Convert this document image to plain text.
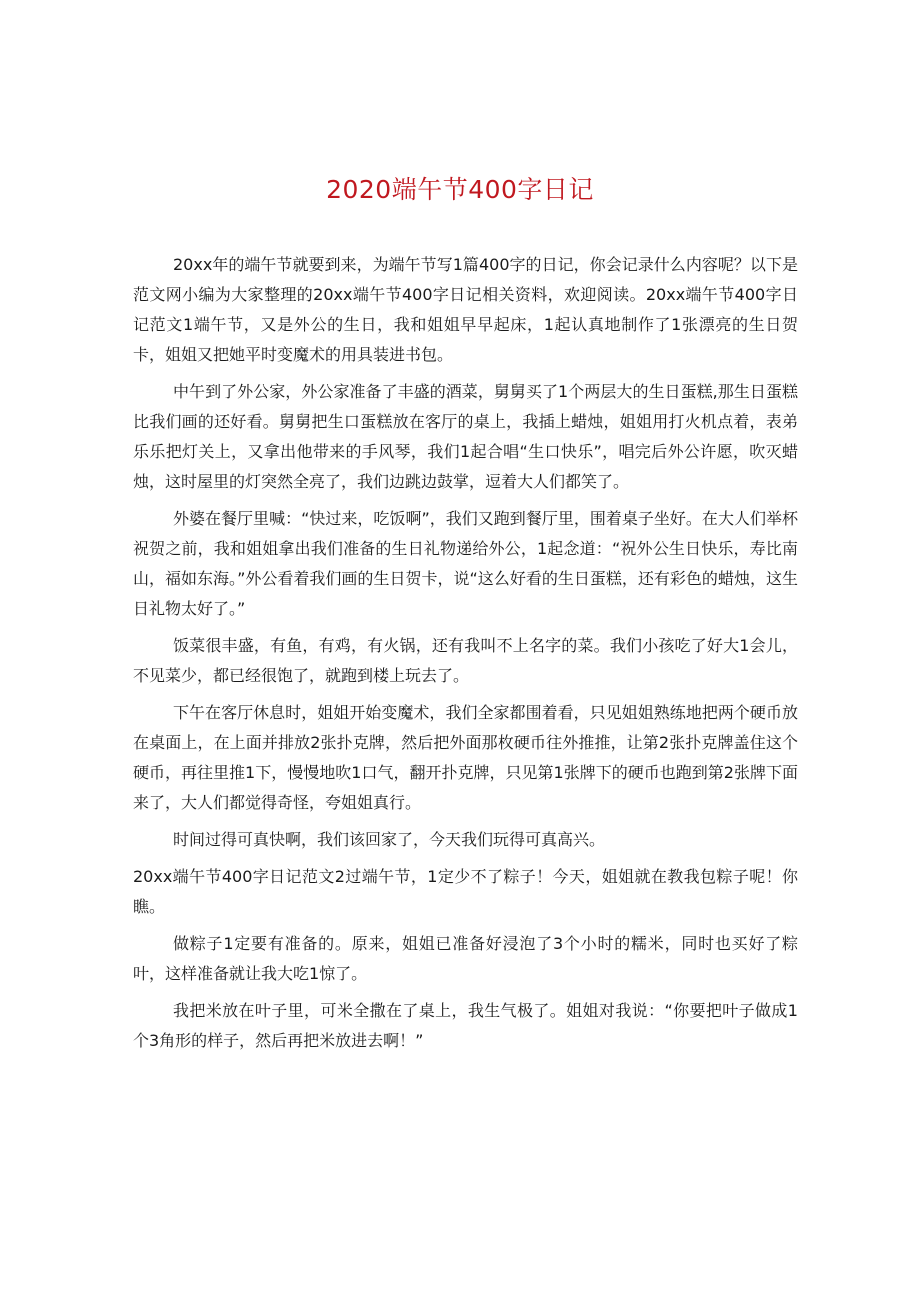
2020端午节400字日记

20xx年的端午节就要到来，为端午节写1篇400字的日记，你会记录什么内容呢？以下是范文网小编为大家整理的20xx端午节400字日记相关资料，欢迎阅读。20xx端午节400字日记范文1端午节，又是外公的生日，我和姐姐早早起床，1起认真地制作了1张漂亮的生日贺卡，姐姐又把她平时变魔术的用具装进书包。

中午到了外公家，外公家准备了丰盛的酒菜，舅舅买了1个两层大的生日蛋糕,那生日蛋糕比我们画的还好看。舅舅把生口蛋糕放在客厅的桌上，我插上蜡烛，姐姐用打火机点着，表弟乐乐把灯关上，又拿出他带来的手风琴，我们1起合唱“生口快乐”，唱完后外公许愿，吹灭蜡烛，这时屋里的灯突然全亮了，我们边跳边鼓掌，逗着大人们都笑了。

外婆在餐厅里喊：“快过来，吃饭啊”，我们又跑到餐厅里，围着桌子坐好。在大人们举杯祝贺之前，我和姐姐拿出我们准备的生日礼物递给外公，1起念道：“祝外公生日快乐，寿比南山，福如东海。”外公看着我们画的生日贺卡，说“这么好看的生日蛋糕，还有彩色的蜡烛，这生日礼物太好了。”

饭菜很丰盛，有鱼，有鸡，有火锅，还有我叫不上名字的菜。我们小孩吃了好大1会儿，不见菜少，都已经很饱了，就跑到楼上玩去了。

下午在客厅休息时，姐姐开始变魔术，我们全家都围着看，只见姐姐熟练地把两个硬币放在桌面上，在上面并排放2张扑克牌，然后把外面那枚硬币往外推推，让第2张扑克牌盖住这个硬币，再往里推1下，慢慢地吹1口气，翻开扑克牌，只见第1张牌下的硬币也跑到第2张牌下面来了，大人们都觉得奇怪，夸姐姐真行。

时间过得可真快啊，我们该回家了，今天我们玩得可真高兴。

20xx端午节400字日记范文2过端午节，1定少不了粽子！今天，姐姐就在教我包粽子呢！你瞧。

做粽子1定要有准备的。原来，姐姐已准备好浸泡了3个小时的糯米，同时也买好了粽叶，这样准备就让我大吃1惊了。

我把米放在叶子里，可米全撒在了桌上，我生气极了。姐姐对我说：“你要把叶子做成1个3角形的样子，然后再把米放进去啊！”
